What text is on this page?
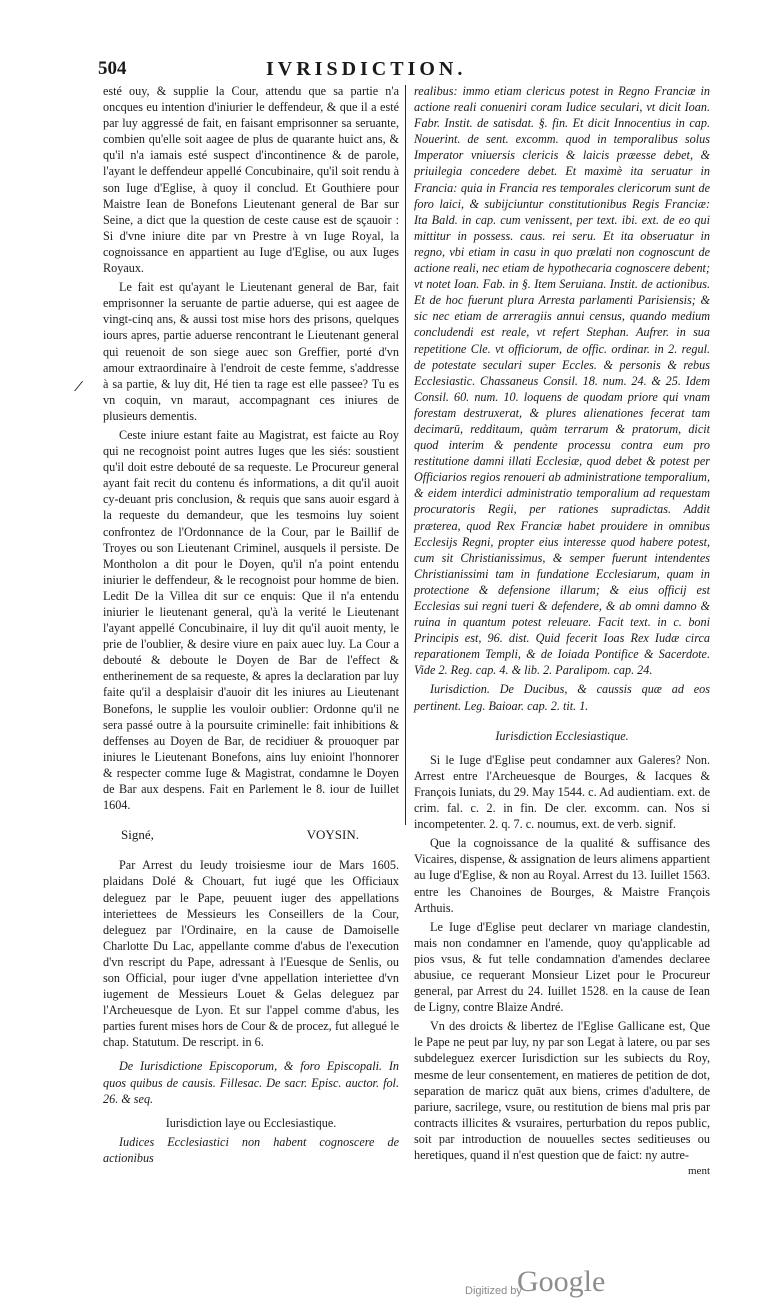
504	IVRISDICTION.
/

esté ouy, & supplie la Cour, attendu que sa partie n'a oncques eu intention d'iniurier le deffendeur, & que il a esté par luy aggressé de fait, en faisant emprisonner sa seruante, combien qu'elle soit aagee de plus de quarante huict ans, & qu'il n'a iamais esté suspect d'incontinence & de parole, l'ayant le deffendeur appellé Concubinaire, qu'il soit rendu à son Iuge d'Eglise, à quoy il conclud. Et Gouthiere pour Maistre Iean de Bonefons Lieutenant general de Bar sur Seine, a dict que la question de ceste cause est de sçauoir : Si d'vne iniure dite par vn Prestre à vn Iuge Royal, la cognoissance en appartient au Iuge d'Eglise, ou aux Iuges Royaux.

Le fait est qu'ayant le Lieutenant general de Bar, fait emprisonner la seruante de partie aduerse, qui est aagee de vingt-cinq ans, & aussi tost mise hors des prisons, quelques iours apres, partie aduerse rencontrant le Lieutenant general qui reuenoit de son siege auec son Greffier, porté d'vn amour extraordinaire à l'endroit de ceste femme, s'addresse à sa partie, & luy dit, Hé tien ta rage est elle passee? Tu es vn coquin, vn maraut, accompagnant ces iniures de plusieurs dementis.

Ceste iniure estant faite au Magistrat, est faicte au Roy qui ne recognoist point autres Iuges que les siés: soustient qu'il doit estre debouté de sa requeste. Le Procureur general ayant fait recit du contenu és informations, a dit qu'il auoit cy-deuant pris conclusion, & requis que sans auoir esgard à la requeste du demandeur, que les tesmoins luy soient confrontez de l'Ordonnance de la Cour, par le Baillif de Troyes ou son Lieutenant Criminel, ausquels il persiste. De Montholon a dit pour le Doyen, qu'il n'a point entendu iniurier le deffendeur, & le recognoist pour homme de bien. Ledit De la Villea dit sur ce enquis: Que il n'a entendu iniurier le lieutenant general, qu'à la verité le Lieutenant l'ayant appellé Concubinaire, il luy dit qu'il auoit menty, le prie de l'oublier, & desire viure en paix auec luy. La Cour a debouté & deboute le Doyen de Bar de l'effect & entherinement de sa requeste, & apres la declaration par luy faite qu'il a desplaisir d'auoir dit les iniures au Lieutenant Bonefons, le supplie les vouloir oublier: Ordonne qu'il ne sera passé outre à la poursuite criminelle: fait inhibitions & deffenses au Doyen de Bar, de recidiuer & prouoquer par iniures le Lieutenant Bonefons, ains luy enioint l'honnorer & respecter comme Iuge & Magistrat, condamne le Doyen de Bar aux despens. Fait en Parlement le 8. iour de Iuillet 1604.

Signé,	VOYSIN.

Par Arrest du Ieudy troisiesme iour de Mars 1605. plaidans Dolé & Chouart, fut iugé que les Officiaux deleguez par le Pape, peuuent iuger des appellations interiettees de Messieurs les Conseillers de la Cour, deleguez par l'Ordinaire, en la cause de Damoiselle Charlotte Du Lac, appellante comme d'abus de l'execution d'vn rescript du Pape, adressant à l'Euesque de Senlis, ou son Official, pour iuger d'vne appellation interiettee d'vn iugement de Messieurs Louet & Gelas deleguez par l'Archeuesque de Lyon. Et sur l'appel comme d'abus, les parties furent mises hors de Cour & de procez, fut allegué le chap. Statutum. De rescript. in 6.

De Iurisdictione Episcoporum, & foro Episcopali. In quos quibus de causis. Fillesac. De sacr. Episc. auctor. fol. 26. & seq.

Iurisdiction laye ou Ecclesiastique.

Iudices Ecclesiastici non habent cognoscere de actionibus

realibus: immo etiam clericus potest in Regno Franciæ in actione reali conueniri coram Iudice seculari, vt dicit Ioan. Fabr. Instit. de satisdat. §. fin. Et dicit Innocentius in cap. Nouerint. de sent. excomm. quod in temporalibus solus Imperator vniuersis clericis & laicis præesse debet, & priuilegia concedere debet. Et maximè ita seruatur in Francia: quia in Francia res temporales clericorum sunt de foro laici, & subijciuntur constitutionibus Regis Franciæ: Ita Bald. in cap. cum venissent, per text. ibi. ext. de eo qui mittitur in possess. caus. rei seru. Et ita obseruatur in regno, vbi etiam in casu in quo prælati non cognoscunt de actione reali, nec etiam de hypothecaria cognoscere debent; vt notet Ioan. Fab. in §. Item Seruiana. Instit. de actionibus. Et de hoc fuerunt plura Arresta parlamenti Parisiensis; & sic nec etiam de arreragiis annui census, quando medium concludendi est reale, vt refert Stephan. Aufrer. in sua repetitione Cle. vt officiorum, de offic. ordinar. in 2. regul. de potestate seculari super Eccles. & personis & rebus Ecclesiastic. Chassaneus Consil. 18. num. 24. & 25. Idem Consil. 60. num. 10. loquens de quodam priore qui vnam forestam destruxerat, & plures alienationes fecerat tam decimarū, redditaum, quàm terrarum & pratorum, dicit quod interim & pendente processu contra eum pro restitutione damni illati Ecclesiæ, quod debet & potest per Officiarios regios renoueri ab administratione temporalium, & eidem interdici administratio temporalium ad requestam procuratoris Regii, per rationes supradictas. Addit præterea, quod Rex Franciæ habet prouidere in omnibus Ecclesijs Regni, propter eius interesse quod habere potest, cum sit Christianissimus, & semper fuerunt intendentes Christianissimi tam in fundatione Ecclesiarum, quam in protectione & defensione illarum; & eius officij est Ecclesias sui regni tueri & defendere, & ab omni damno & ruina in quantum potest releuare. Facit text. in c. boni Principis est, 96. dist. Quid fecerit Ioas Rex Iudæ circa reparationem Templi, & de Ioiada Pontifice & Sacerdote. Vide 2. Reg. cap. 4. & lib. 2. Paralipom. cap. 24.

Iurisdiction. De Ducibus, & caussis quæ ad eos pertinent. Leg. Baioar. cap. 2. tit. 1.

Iurisdiction Ecclesiastique.

Si le Iuge d'Eglise peut condamner aux Galeres? Non. Arrest entre l'Archeuesque de Bourges, & Iacques & François Iuniats, du 29. May 1544. c. Ad audientiam. ext. de crim. fal. c. 2. in fin. De cler. excomm. can. Nos si incompetenter. 2. q. 7. c. noumus, ext. de verb. signif.

Que la cognoissance de la qualité & suffisance des Vicaires, dispense, & assignation de leurs alimens appartient au Iuge d'Eglise, & non au Royal. Arrest du 13. Iuillet 1563. entre les Chanoines de Bourges, & Maistre François Arthuis.

Le Iuge d'Eglise peut declarer vn mariage clandestin, mais non condamner en l'amende, quoy qu'applicable ad pios vsus, & fut telle condamnation d'amendes declaree abusiue, ce requerant Monsieur Lizet pour le Procureur general, par Arrest du 24. Iuillet 1528. en la cause de Iean de Ligny, contre Blaize André.

Vn des droicts & libertez de l'Eglise Gallicane est, Que le Pape ne peut par luy, ny par son Legat à latere, ou par ses subdeleguez exercer Iurisdiction sur les subiects du Roy, mesme de leur consentement, en matieres de petition de dot, separation de maricz quāt aux biens, crimes d'adultere, de pariure, sacrilege, vsure, ou restitution de biens mal pris par contracts illicites & vsuraires, perturbation du repos public, soit par introduction de nouuelles sectes seditieuses ou heretiques, quand il n'est question que de faict: ny autre-

ment

Digitized by
Google
